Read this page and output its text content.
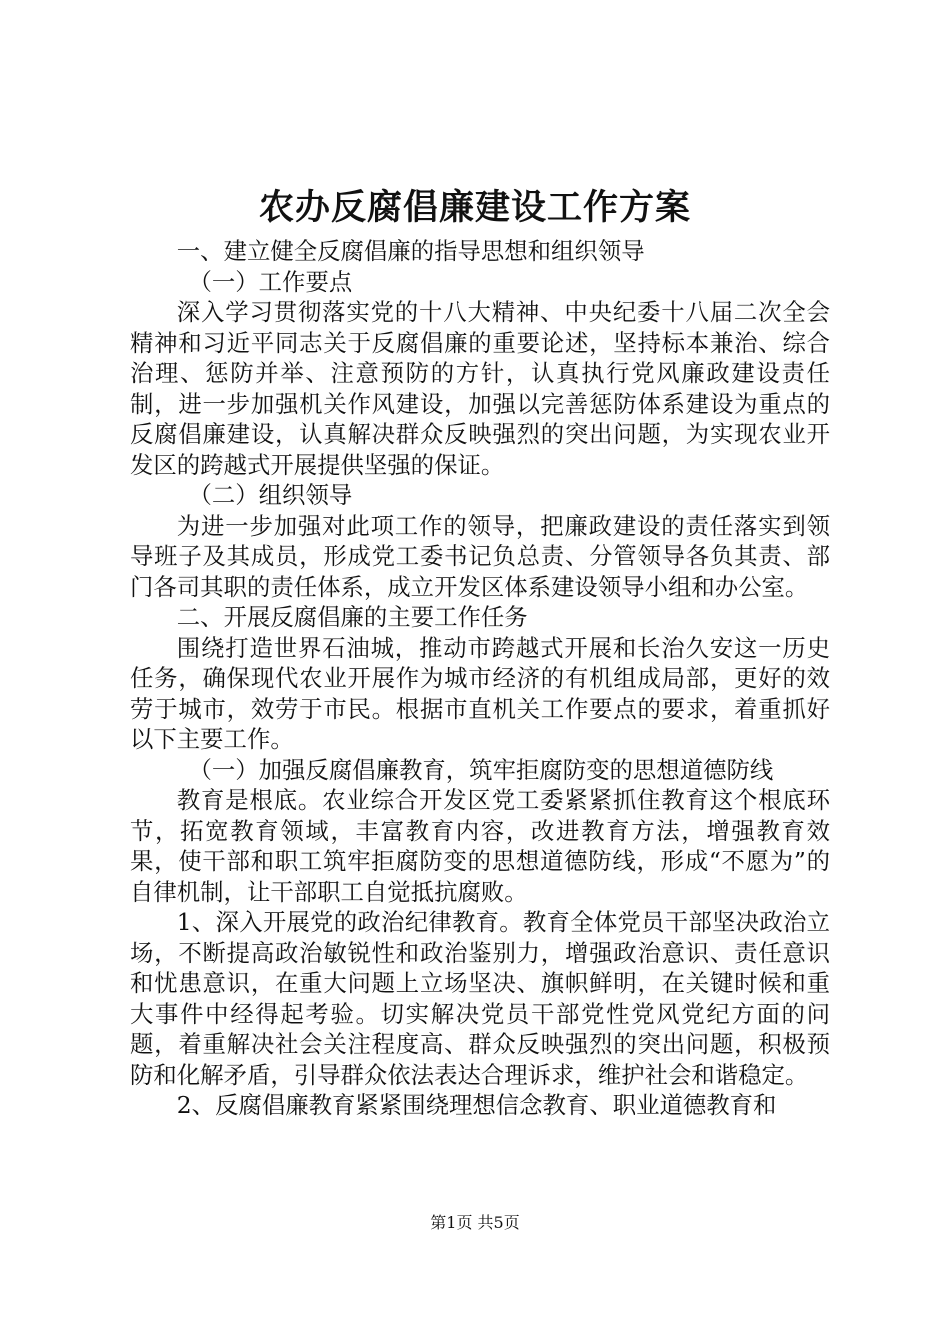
农办反腐倡廉建设工作方案

一、建立健全反腐倡廉的指导思想和组织领导

（一）工作要点

深入学习贯彻落实党的十八大精神、中央纪委十八届二次全会精神和习近平同志关于反腐倡廉的重要论述，坚持标本兼治、综合治理、惩防并举、注意预防的方针，认真执行党风廉政建设责任制，进一步加强机关作风建设，加强以完善惩防体系建设为重点的反腐倡廉建设，认真解决群众反映强烈的突出问题，为实现农业开发区的跨越式开展提供坚强的保证。

（二）组织领导

为进一步加强对此项工作的领导，把廉政建设的责任落实到领导班子及其成员，形成党工委书记负总责、分管领导各负其责、部门各司其职的责任体系，成立开发区体系建设领导小组和办公室。

二、开展反腐倡廉的主要工作任务

围绕打造世界石油城，推动市跨越式开展和长治久安这一历史任务，确保现代农业开展作为城市经济的有机组成局部，更好的效劳于城市，效劳于市民。根据市直机关工作要点的要求，着重抓好以下主要工作。

（一）加强反腐倡廉教育，筑牢拒腐防变的思想道德防线

教育是根底。农业综合开发区党工委紧紧抓住教育这个根底环节，拓宽教育领域，丰富教育内容，改进教育方法，增强教育效果，使干部和职工筑牢拒腐防变的思想道德防线，形成“不愿为”的自律机制，让干部职工自觉抵抗腐败。

1、深入开展党的政治纪律教育。教育全体党员干部坚决政治立场，不断提高政治敏锐性和政治鉴别力，增强政治意识、责任意识和忧患意识，在重大问题上立场坚决、旗帜鲜明，在关键时候和重大事件中经得起考验。切实解决党员干部党性党风党纪方面的问题，着重解决社会关注程度高、群众反映强烈的突出问题，积极预防和化解矛盾，引导群众依法表达合理诉求，维护社会和谐稳定。

2、反腐倡廉教育紧紧围绕理想信念教育、职业道德教育和

第1页 共5页
